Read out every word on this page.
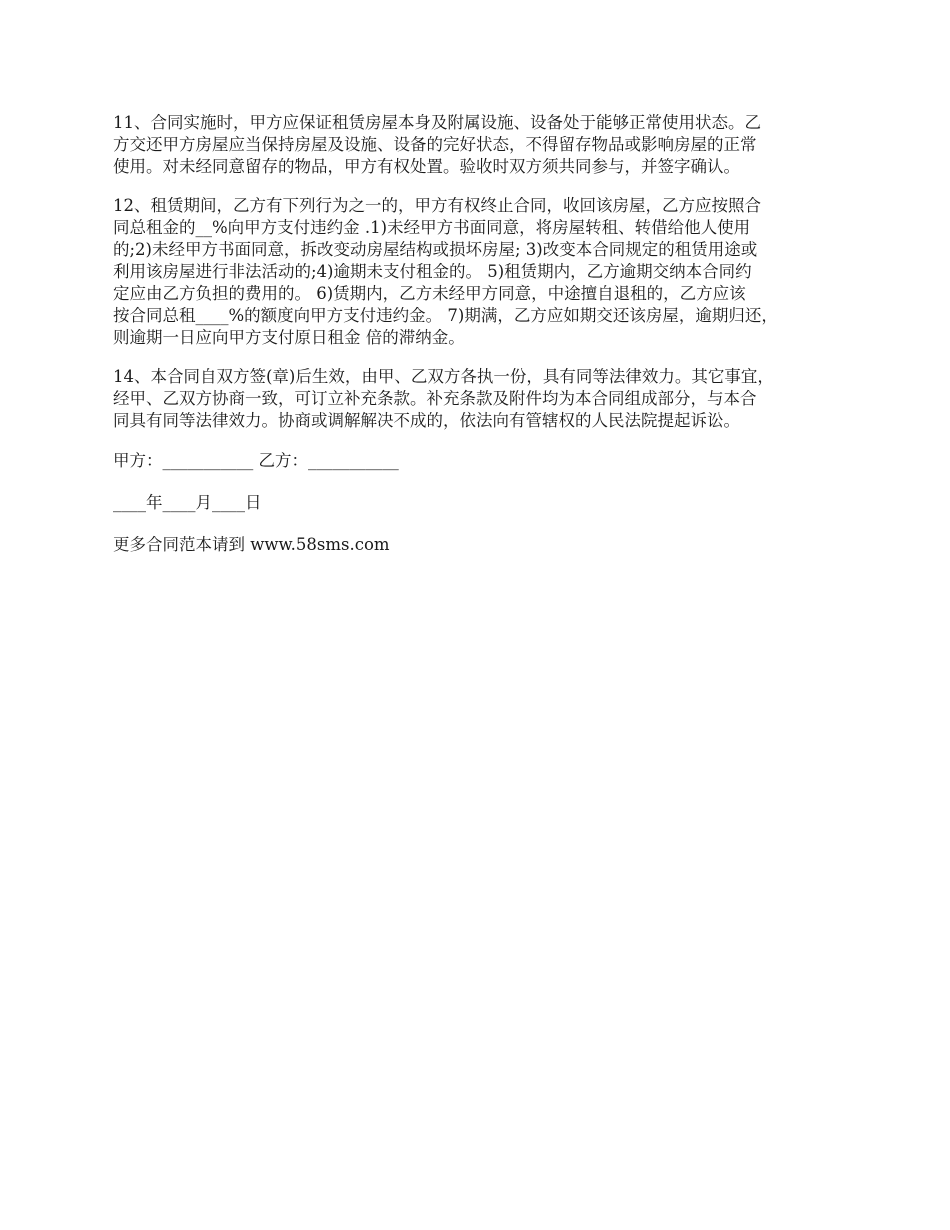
11、合同实施时，甲方应保证租赁房屋本身及附属设施、设备处于能够正常使用状态。乙
方交还甲方房屋应当保持房屋及设施、设备的完好状态，不得留存物品或影响房屋的正常
使用。对未经同意留存的物品，甲方有权处置。验收时双方须共同参与，并签字确认。

12、租赁期间，乙方有下列行为之一的，甲方有权终止合同，收回该房屋，乙方应按照合
同总租金的__%向甲方支付违约金 .1)未经甲方书面同意，将房屋转租、转借给他人使用
的;2)未经甲方书面同意，拆改变动房屋结构或损坏房屋; 3)改变本合同规定的租赁用途或
利用该房屋进行非法活动的;4)逾期未支付租金的。 5)租赁期内，乙方逾期交纳本合同约
定应由乙方负担的费用的。 6)赁期内，乙方未经甲方同意，中途擅自退租的，乙方应该
按合同总租____%的额度向甲方支付违约金。 7)期满，乙方应如期交还该房屋，逾期归还，
则逾期一日应向甲方支付原日租金 倍的滞纳金。

14、本合同自双方签(章)后生效，由甲、乙双方各执一份，具有同等法律效力。其它事宜，
经甲、乙双方协商一致，可订立补充条款。补充条款及附件均为本合同组成部分，与本合
同具有同等法律效力。协商或调解解决不成的，依法向有管辖权的人民法院提起诉讼。

甲方：___________ 乙方：___________
____年____月____日
更多合同范本请到 www.58sms.com
